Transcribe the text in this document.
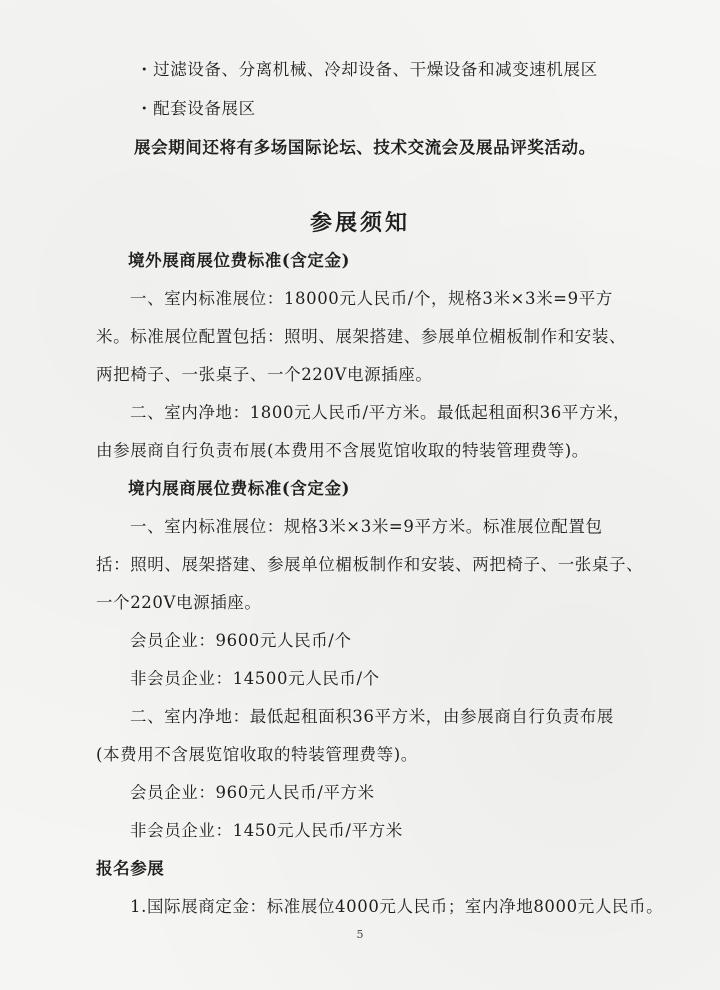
・过滤设备、分离机械、冷却设备、干燥设备和减变速机展区
・配套设备展区
展会期间还将有多场国际论坛、技术交流会及展品评奖活动。
参展须知
境外展商展位费标准(含定金)
一、室内标准展位：18000元人民币/个，规格3米×3米=9平方
米。标准展位配置包括：照明、展架搭建、参展单位楣板制作和安装、
两把椅子、一张桌子、一个220V电源插座。
二、室内净地：1800元人民币/平方米。最低起租面积36平方米，
由参展商自行负责布展(本费用不含展览馆收取的特装管理费等)。
境内展商展位费标准(含定金)
一、室内标准展位：规格3米×3米=9平方米。标准展位配置包
括：照明、展架搭建、参展单位楣板制作和安装、两把椅子、一张桌子、
一个220V电源插座。
会员企业：9600元人民币/个
非会员企业：14500元人民币/个
二、室内净地：最低起租面积36平方米，由参展商自行负责布展
(本费用不含展览馆收取的特装管理费等)。
会员企业：960元人民币/平方米
非会员企业：1450元人民币/平方米
报名参展
1.国际展商定金：标准展位4000元人民币；室内净地8000元人民币。
5
